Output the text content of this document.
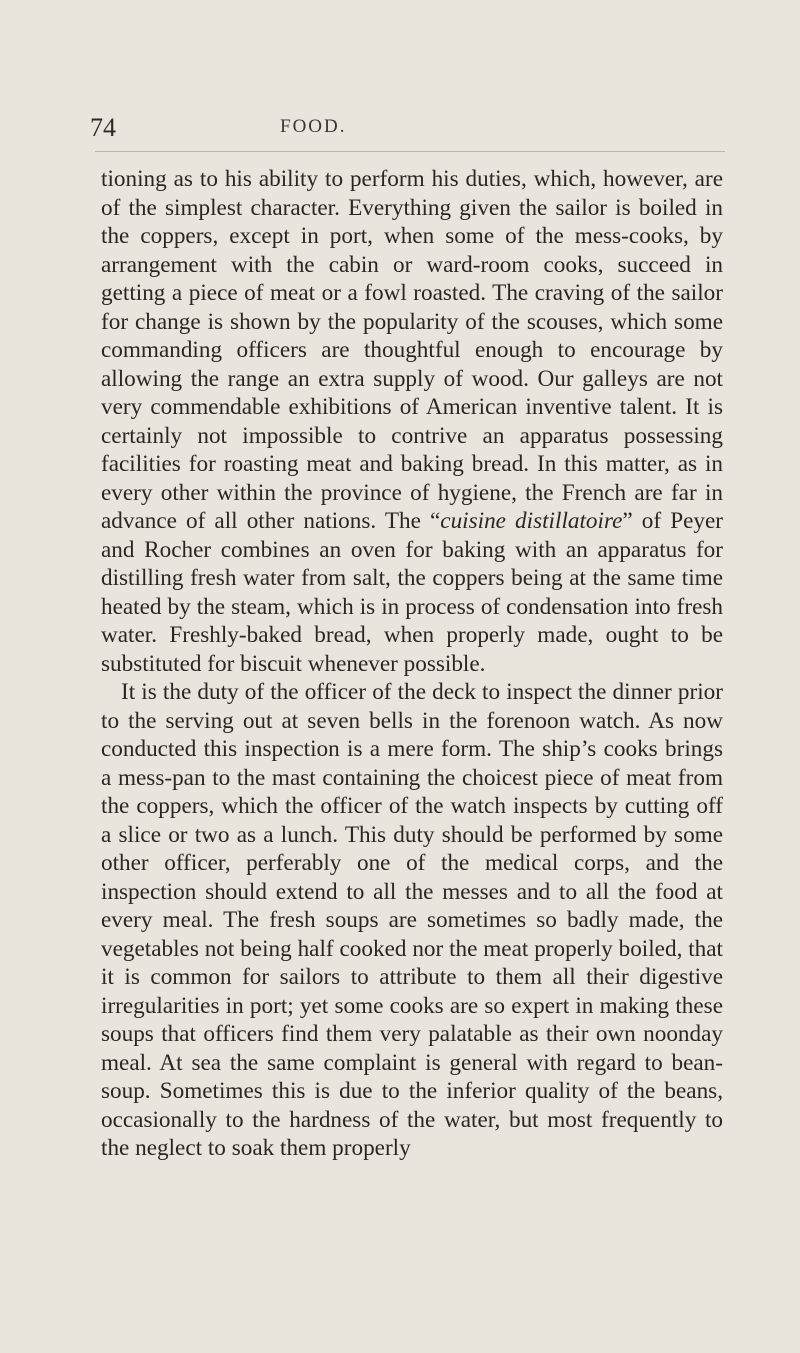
74	FOOD.

tioning as to his ability to perform his duties, which, however, are of the simplest character. Everything given the sailor is boiled in the coppers, except in port, when some of the mess-cooks, by arrangement with the cabin or ward-room cooks, succeed in getting a piece of meat or a fowl roasted. The craving of the sailor for change is shown by the popularity of the scouses, which some commanding officers are thoughtful enough to encourage by allowing the range an extra supply of wood. Our galleys are not very commendable exhibitions of American inventive talent. It is certainly not impossible to contrive an apparatus possessing facilities for roasting meat and baking bread. In this matter, as in every other within the province of hygiene, the French are far in advance of all other nations. The “cuisine distillatoire” of Peyer and Rocher combines an oven for baking with an apparatus for distilling fresh water from salt, the coppers being at the same time heated by the steam, which is in process of condensation into fresh water. Freshly-baked bread, when properly made, ought to be substituted for biscuit whenever possible.

It is the duty of the officer of the deck to inspect the dinner prior to the serving out at seven bells in the forenoon watch. As now conducted this inspection is a mere form. The ship’s cooks brings a mess-pan to the mast containing the choicest piece of meat from the coppers, which the officer of the watch inspects by cutting off a slice or two as a lunch. This duty should be performed by some other officer, perferably one of the medical corps, and the inspection should extend to all the messes and to all the food at every meal. The fresh soups are sometimes so badly made, the vegetables not being half cooked nor the meat properly boiled, that it is common for sailors to attribute to them all their digestive irregularities in port; yet some cooks are so expert in making these soups that officers find them very palatable as their own noonday meal. At sea the same complaint is general with regard to bean-soup. Sometimes this is due to the inferior quality of the beans, occasionally to the hardness of the water, but most frequently to the neglect to soak them properly
